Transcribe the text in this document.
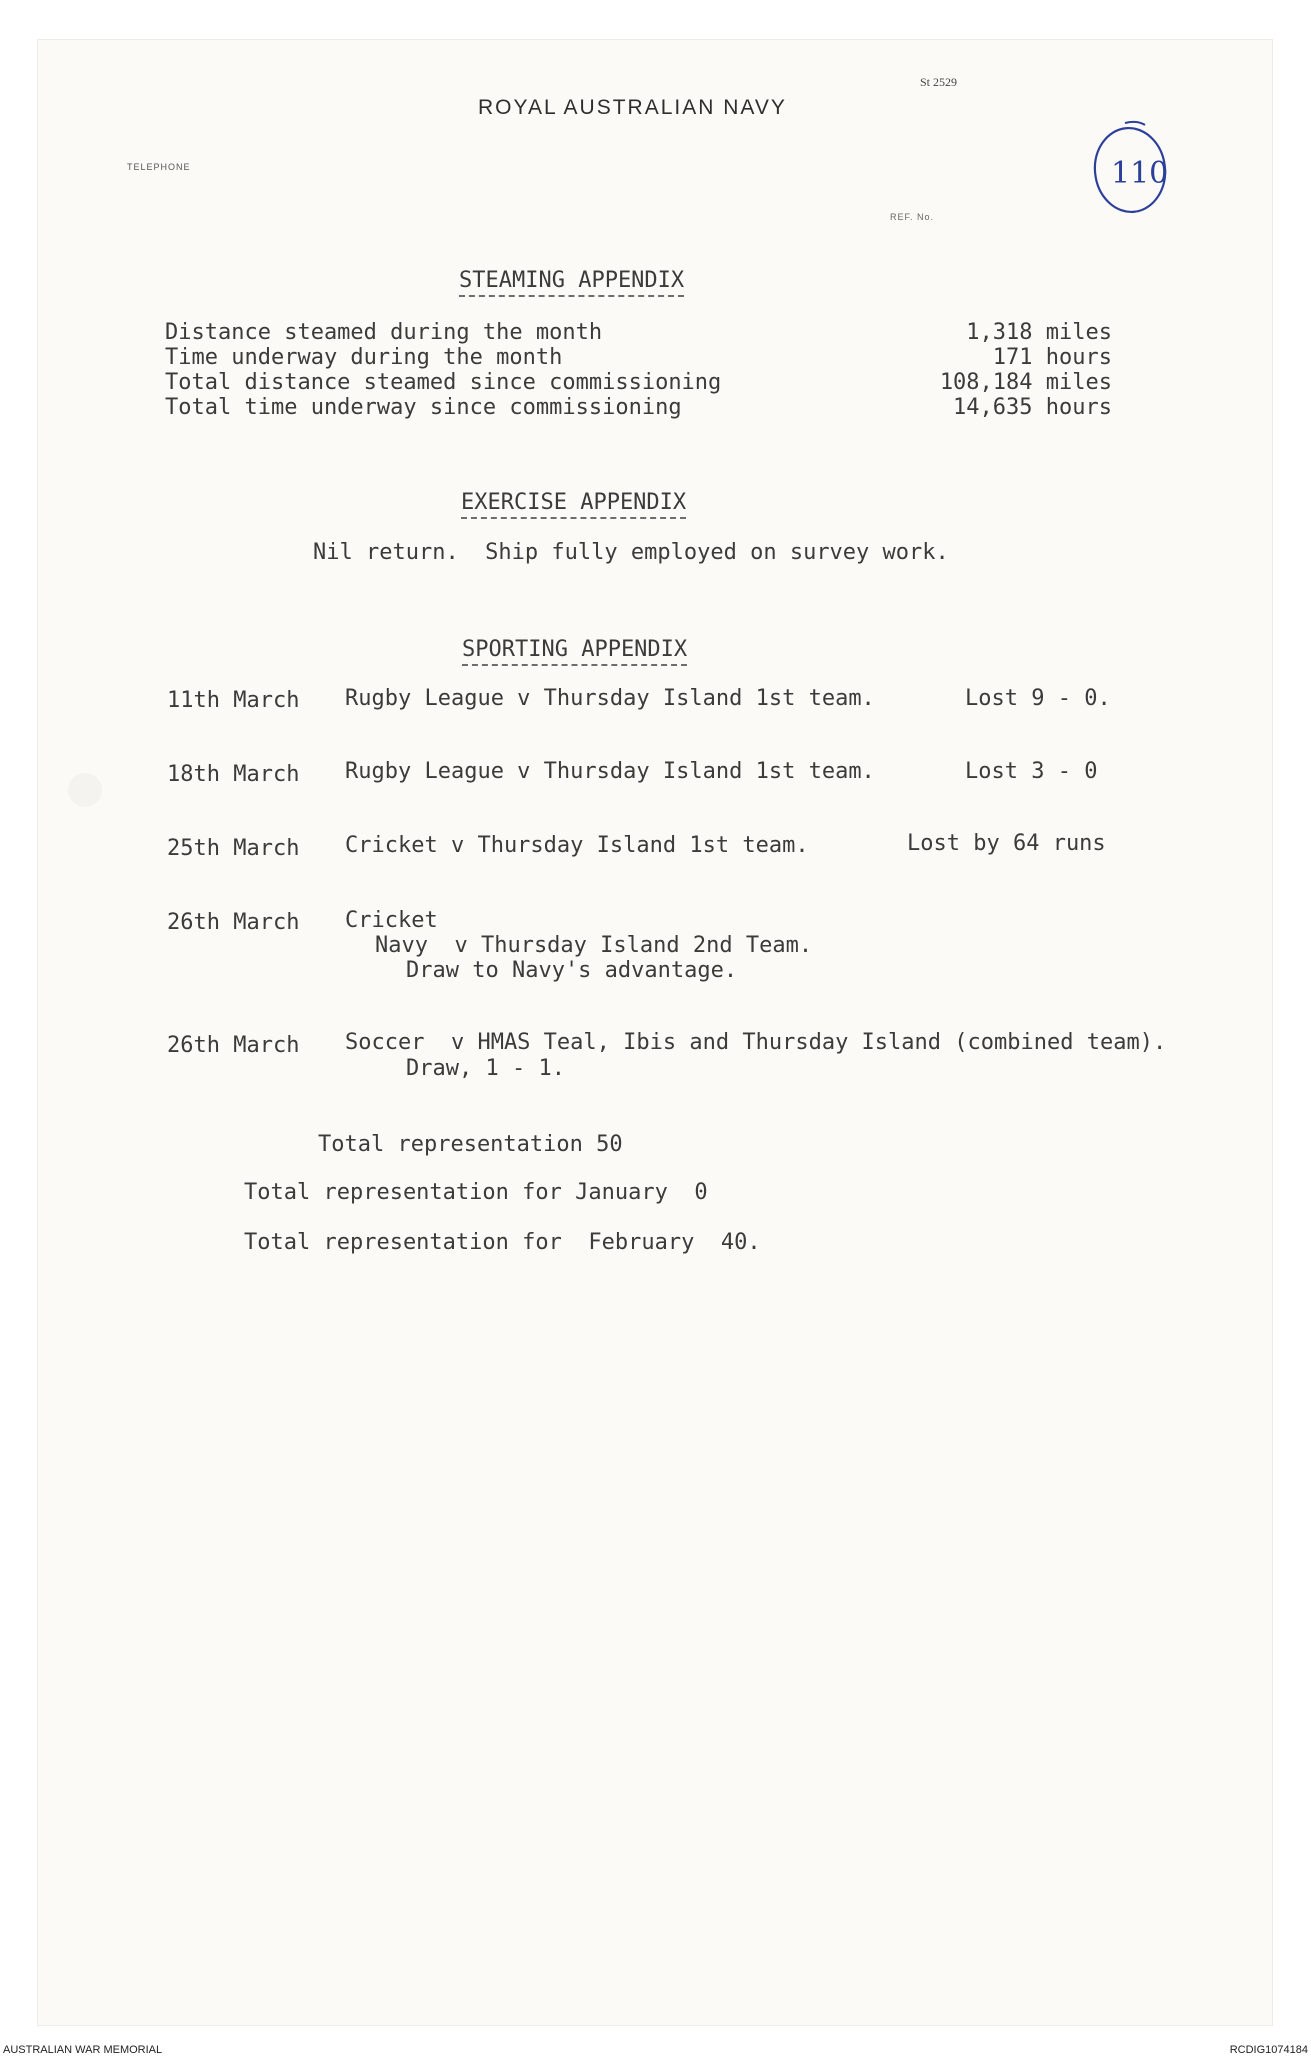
St 2529
ROYAL AUSTRALIAN NAVY
TELEPHONE
REF. No.
110
STEAMING APPENDIX
Distance steamed during the month	1,318 miles
Time underway during the month	171 hours
Total distance steamed since commissioning	108,184 miles
Total time underway since commissioning	14,635 hours
EXERCISE APPENDIX
Nil return.  Ship fully employed on survey work.
SPORTING APPENDIX
11th March Rugby League v Thursday Island 1st team.	Lost 9 - 0.
18th March Rugby League v Thursday Island 1st team.	Lost 3 - 0
25th March Cricket v Thursday Island 1st team.	Lost by 64 runs
26th March Cricket
Navy  v Thursday Island 2nd Team.
Draw to Navy's advantage.
26th March Soccer  v HMAS Teal, Ibis and Thursday Island (combined team).
Draw, 1 - 1.
Total representation 50
Total representation for January  0
Total representation for  February  40.
AUSTRALIAN WAR MEMORIAL	RCDIG1074184
